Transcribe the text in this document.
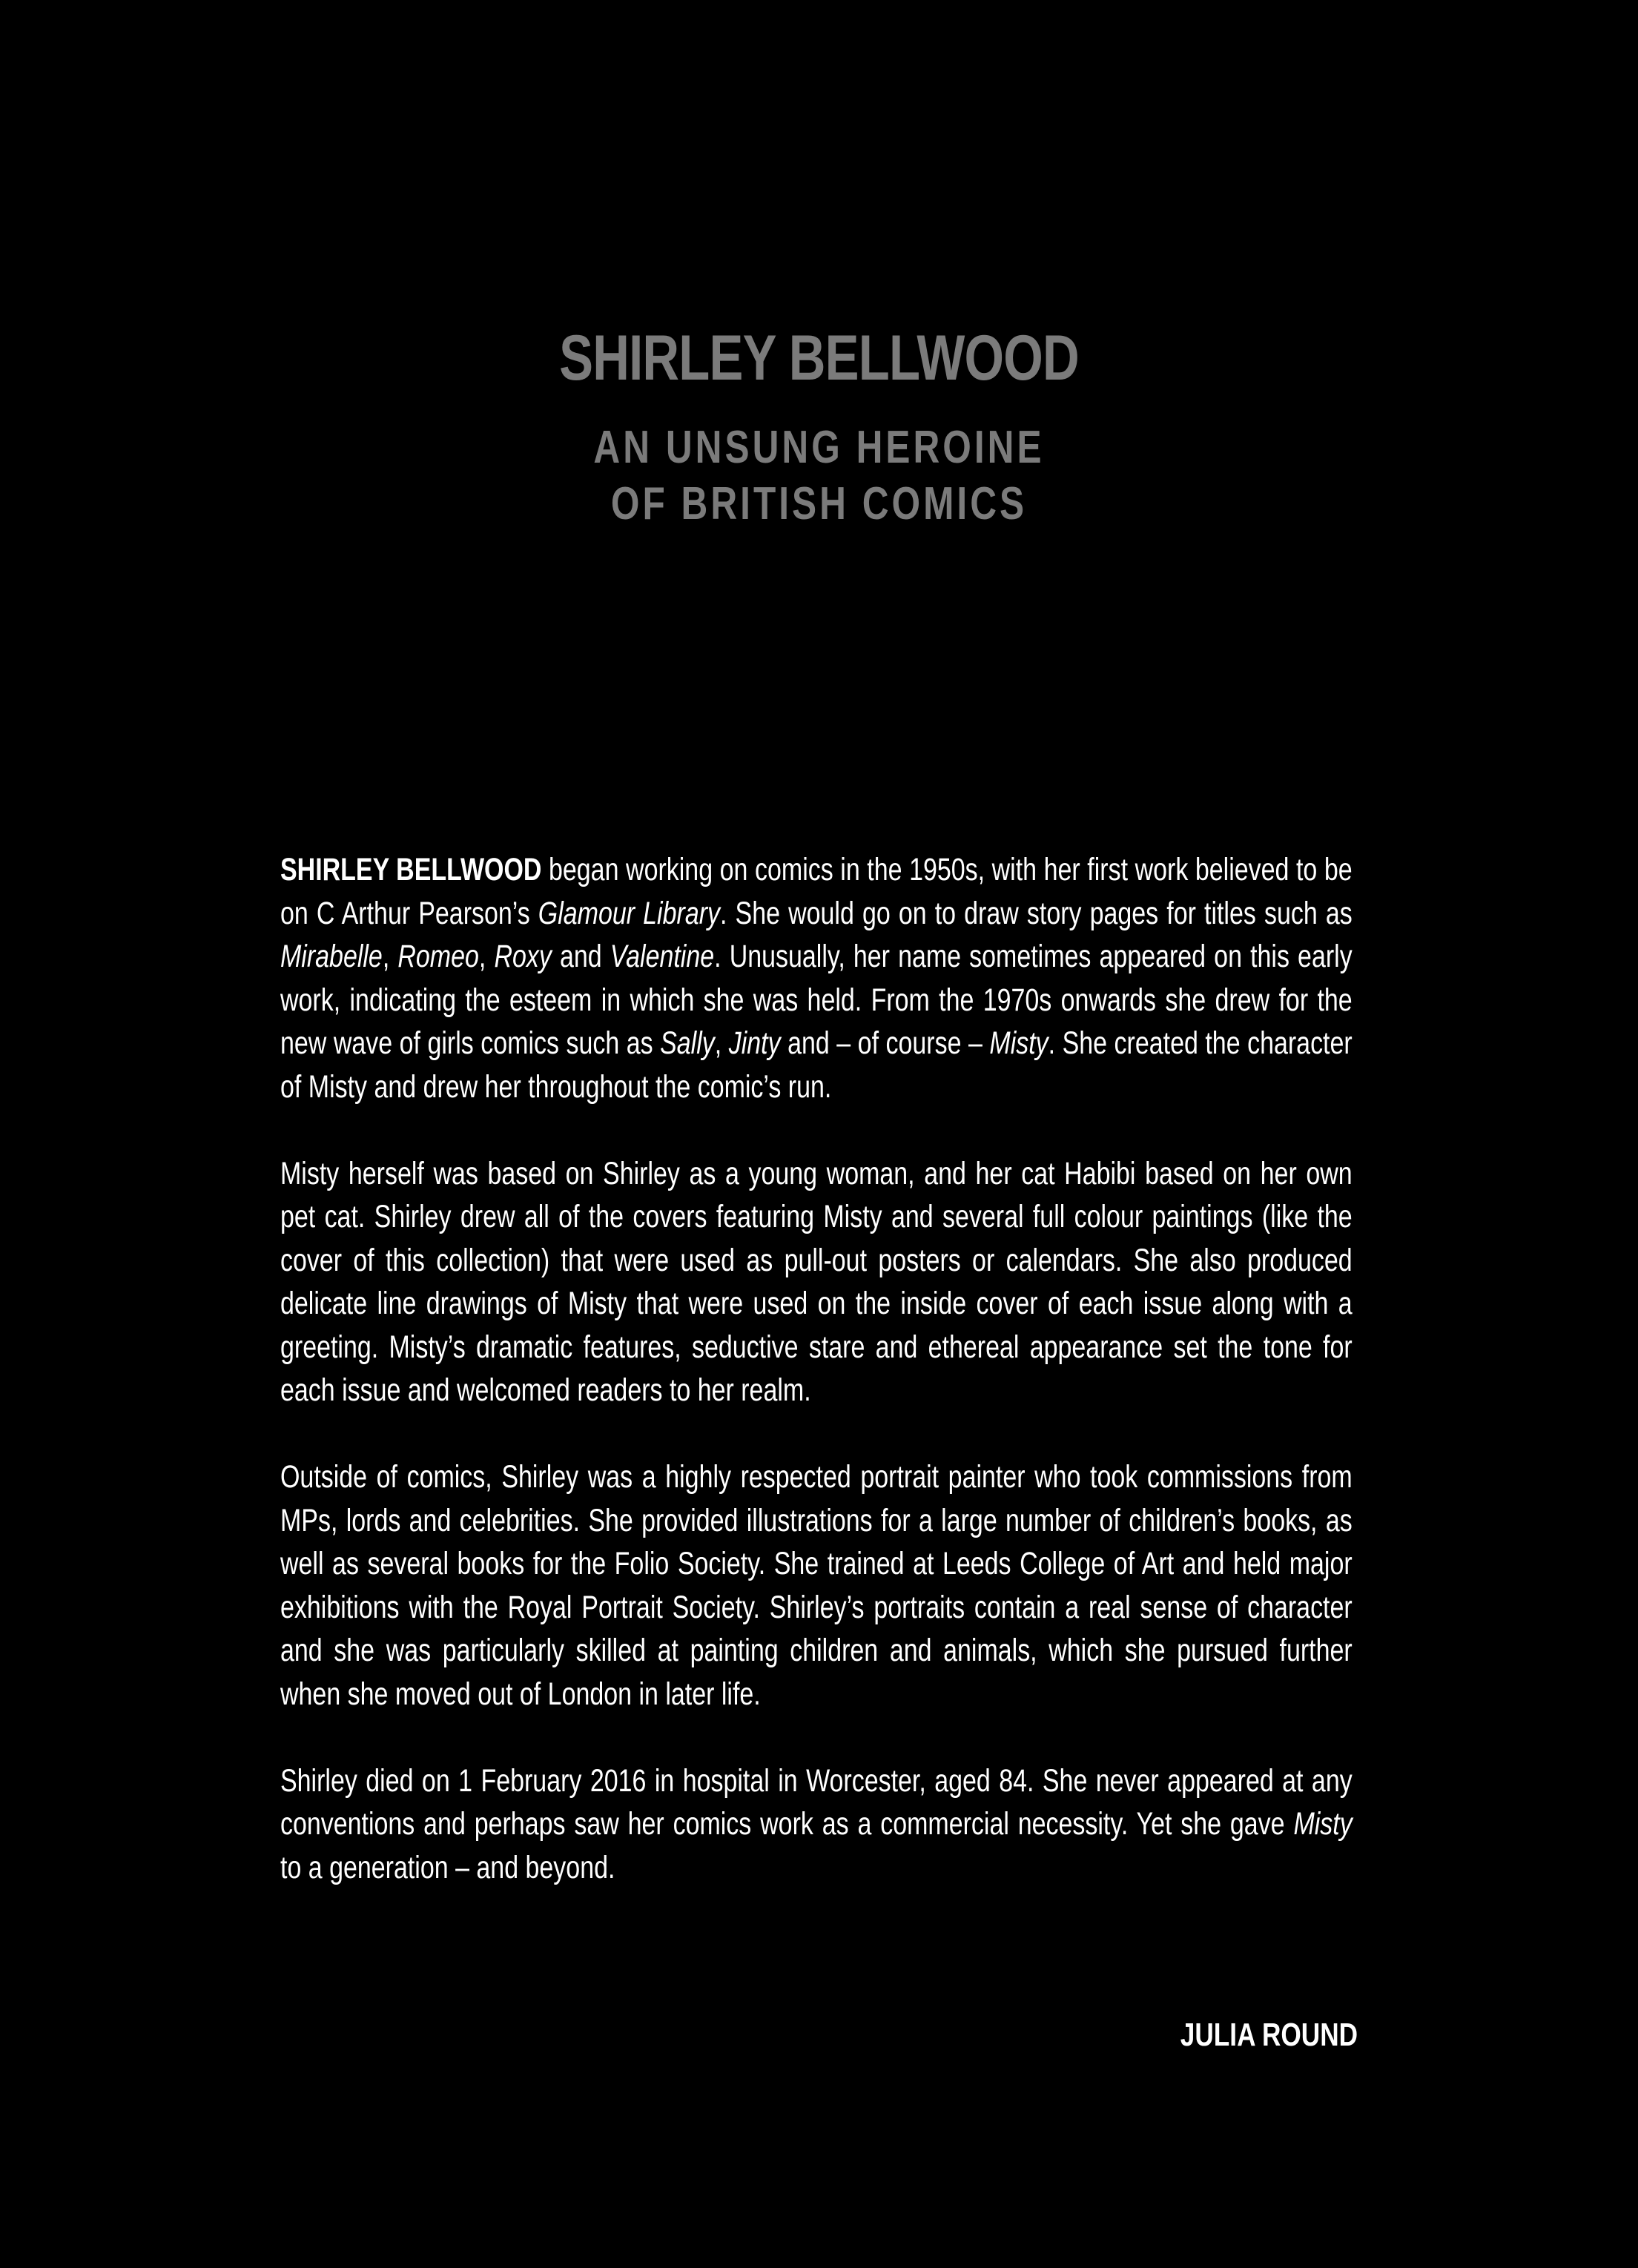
SHIRLEY BELLWOOD
AN UNSUNG HEROINE
OF BRITISH COMICS

SHIRLEY BELLWOOD began working on comics in the 1950s, with her first work believed to be on C Arthur Pearson’s Glamour Library. She would go on to draw story pages for titles such as Mirabelle, Romeo, Roxy and Valentine. Unusually, her name sometimes appeared on this early work, indicating the esteem in which she was held. From the 1970s onwards she drew for the new wave of girls comics such as Sally, Jinty and – of course – Misty. She created the character of Misty and drew her throughout the comic’s run.

Misty herself was based on Shirley as a young woman, and her cat Habibi based on her own pet cat. Shirley drew all of the covers featuring Misty and several full colour paintings (like the cover of this collection) that were used as pull-out posters or calendars. She also produced delicate line drawings of Misty that were used on the inside cover of each issue along with a greeting. Misty’s dramatic features, seductive stare and ethereal appearance set the tone for each issue and welcomed readers to her realm.

Outside of comics, Shirley was a highly respected portrait painter who took commissions from MPs, lords and celebrities. She provided illustrations for a large number of children’s books, as well as several books for the Folio Society. She trained at Leeds College of Art and held major exhibitions with the Royal Portrait Society. Shirley’s portraits contain a real sense of character and she was particularly skilled at painting children and animals, which she pursued further when she moved out of London in later life.

Shirley died on 1 February 2016 in hospital in Worcester, aged 84. She never appeared at any conventions and perhaps saw her comics work as a commercial necessity. Yet she gave Misty to a generation – and beyond.

JULIA ROUND
